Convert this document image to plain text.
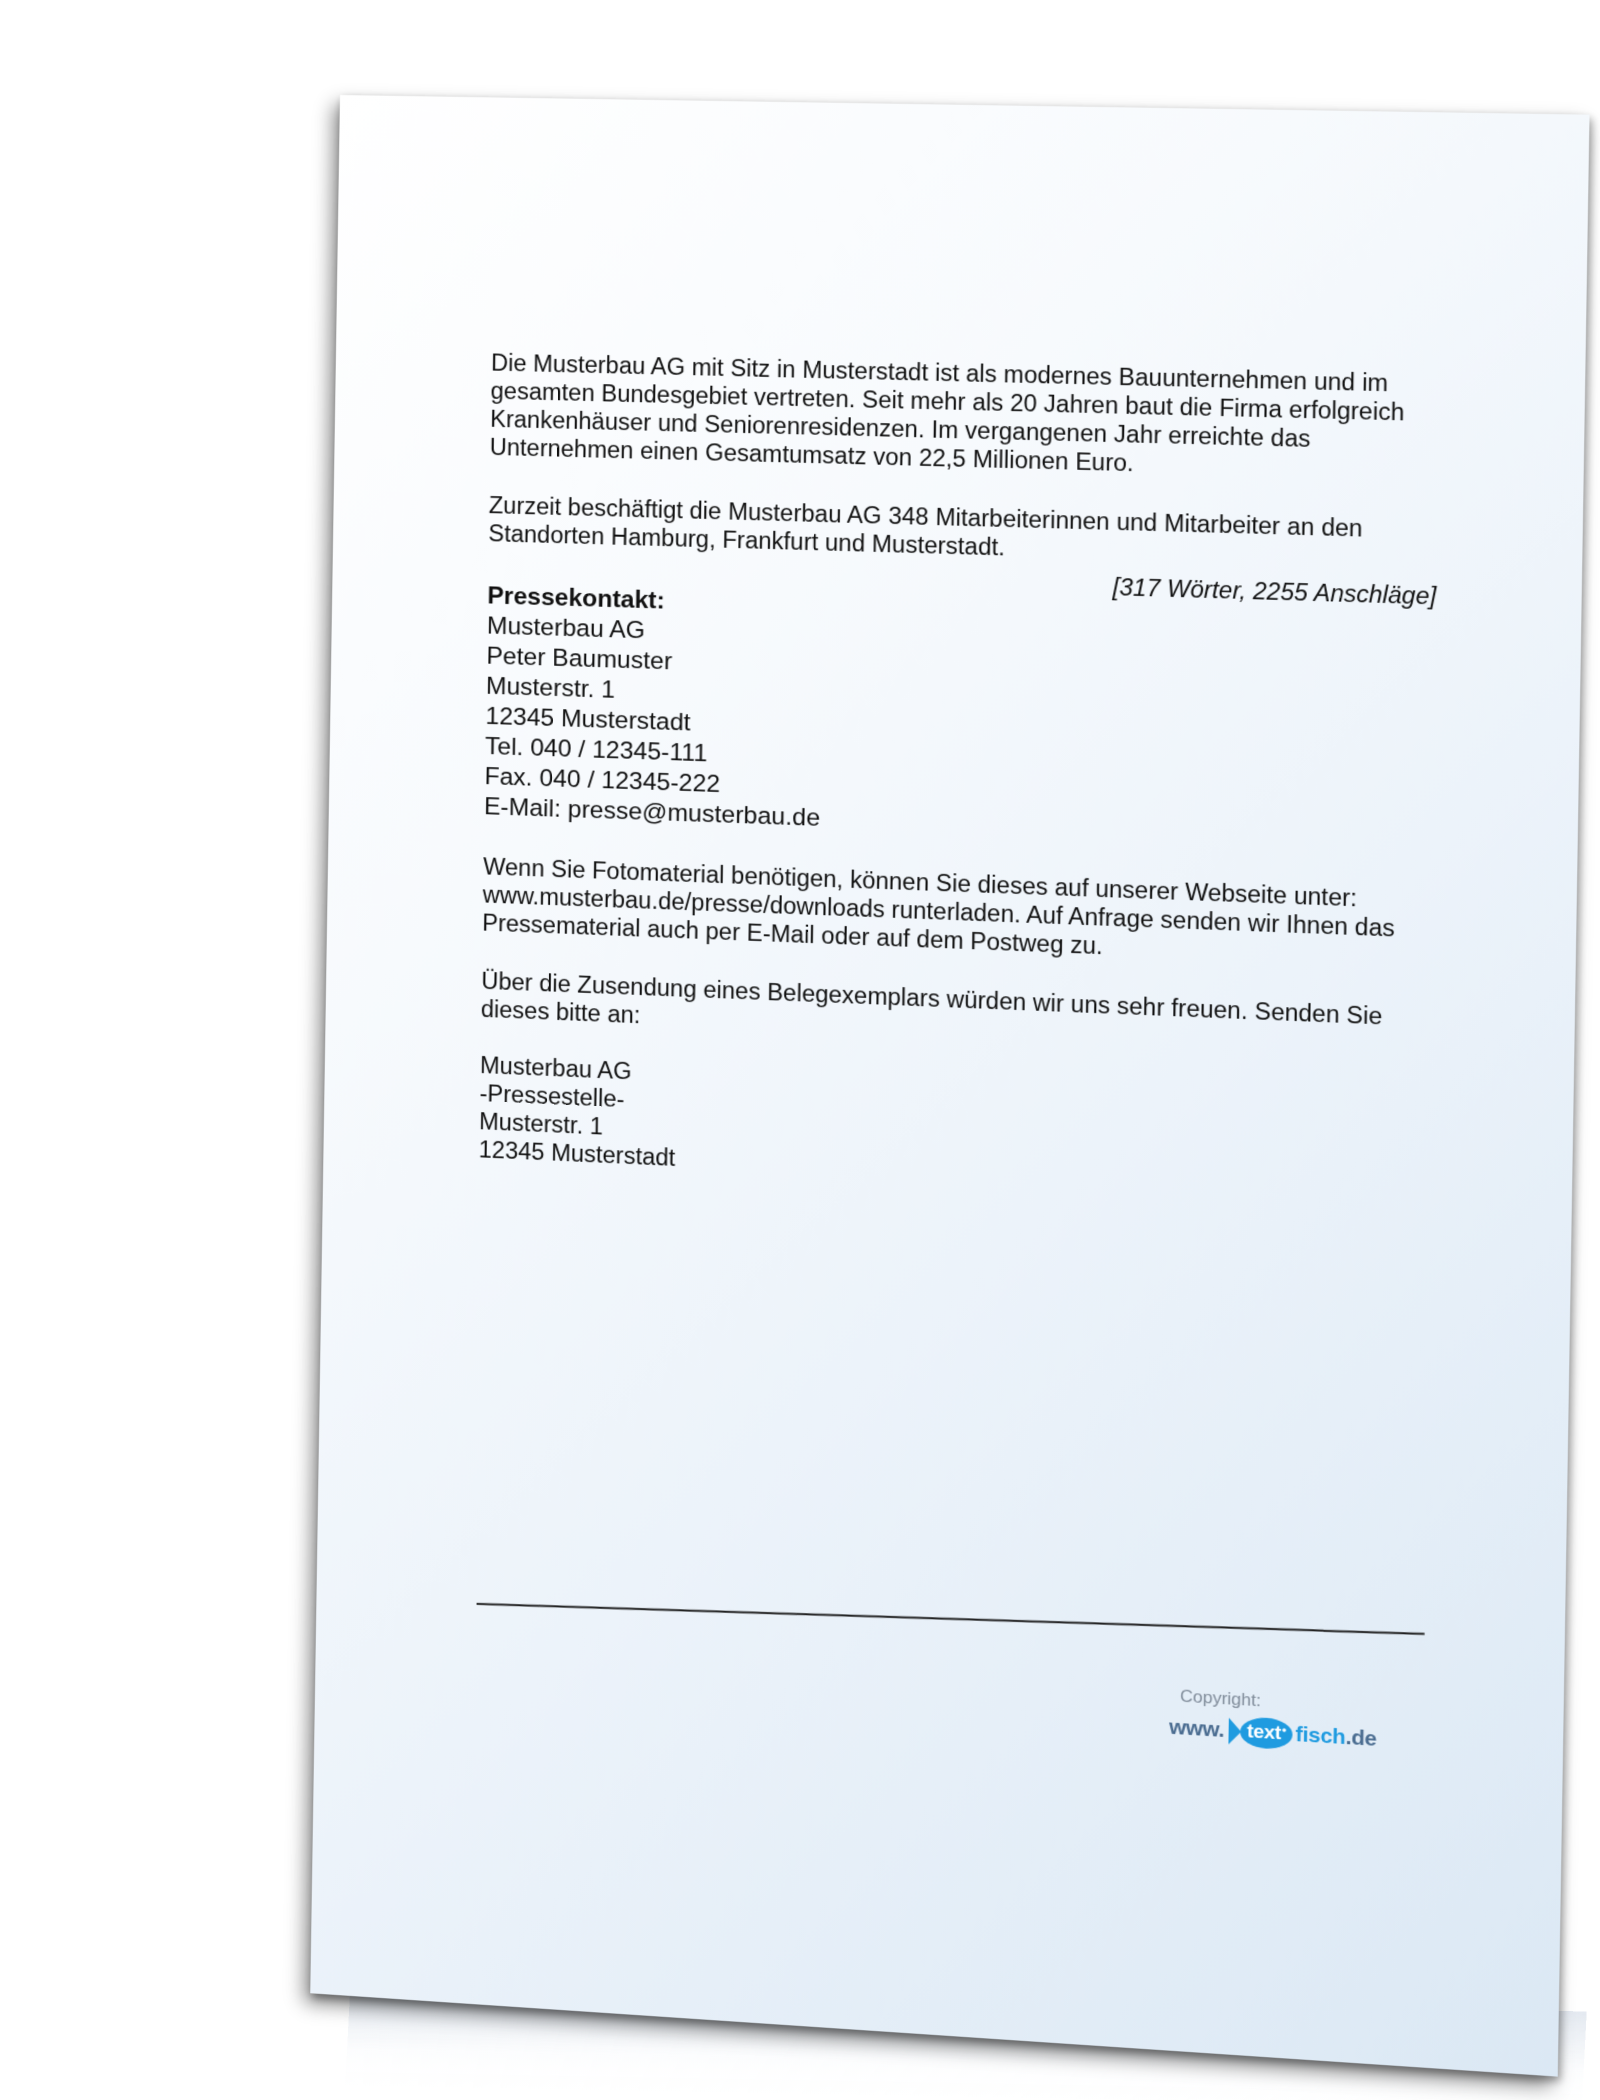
Die Musterbau AG mit Sitz in Musterstadt ist als modernes Bauunternehmen und im gesamten Bundesgebiet vertreten. Seit mehr als 20 Jahren baut die Firma erfolgreich Krankenhäuser und Seniorenresidenzen. Im vergangenen Jahr erreichte das Unternehmen einen Gesamtumsatz von 22,5 Millionen Euro.

Zurzeit beschäftigt die Musterbau AG 348 Mitarbeiterinnen und Mitarbeiter an den Standorten Hamburg, Frankfurt und Musterstadt.

[317 Wörter, 2255 Anschläge]

Pressekontakt:

Musterbau AG

Peter Baumuster

Musterstr. 1

12345 Musterstadt

Tel. 040 / 12345-111

Fax. 040 / 12345-222

E-Mail: presse@musterbau.de

Wenn Sie Fotomaterial benötigen, können Sie dieses auf unserer Webseite unter: www.musterbau.de/presse/downloads runterladen. Auf Anfrage senden wir Ihnen das Pressematerial auch per E-Mail oder auf dem Postweg zu.

Über die Zusendung eines Belegexemplars würden wir uns sehr freuen. Senden Sie dieses bitte an:

Musterbau AG

-Pressestelle-

Musterstr. 1

12345 Musterstadt

Copyright:
www.	text fisch .de
